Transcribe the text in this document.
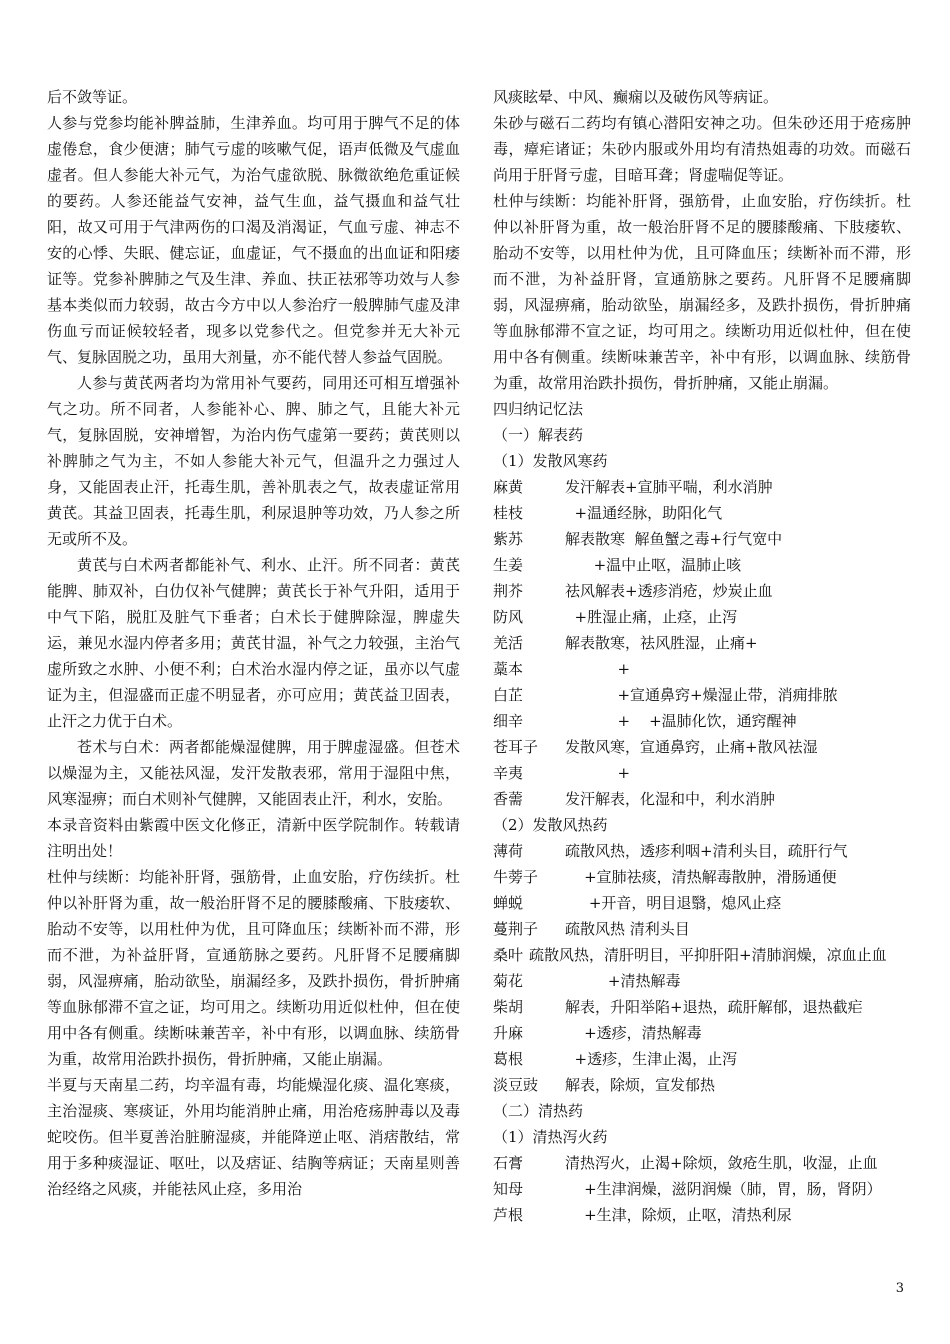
后不敛等证。

人参与党参均能补脾益肺，生津养血。均可用于脾气不足的体虚倦怠，食少便溏；肺气亏虚的咳嗽气促，语声低微及气虚血虚者。但人参能大补元气，为治气虚欲脱、脉微欲绝危重证候的要药。人参还能益气安神，益气生血，益气摄血和益气壮阳，故又可用于气津两伤的口渴及消渴证，气血亏虚、神志不安的心悸、失眠、健忘证，血虚证，气不摄血的出血证和阳痿证等。党参补脾肺之气及生津、养血、扶正祛邪等功效与人参基本类似而力较弱，故古今方中以人参治疗一般脾肺气虚及津伤血亏而证候较轻者，现多以党参代之。但党参并无大补元气、复脉固脱之功，虽用大剂量，亦不能代替人参益气固脱。

人参与黄芪两者均为常用补气要药，同用还可相互增强补气之功。所不同者，人参能补心、脾、肺之气，且能大补元气，复脉固脱，安神增智，为治内伤气虚第一要药；黄芪则以补脾肺之气为主，不如人参能大补元气，但温升之力强过人身，又能固表止汗，托毒生肌，善补肌表之气，故表虚证常用黄芪。其益卫固表，托毒生肌，利尿退肿等功效，乃人参之所无或所不及。

黄芪与白术两者都能补气、利水、止汗。所不同者：黄芪能脾、肺双补，白仂仅补气健脾；黄芪长于补气升阳，适用于中气下陷，脱肛及脏气下垂者；白术长于健脾除湿，脾虚失运，兼见水湿内停者多用；黄芪甘温，补气之力较强，主治气虚所致之水肿、小便不利；白术治水湿内停之证，虽亦以气虚证为主，但湿盛而正虚不明显者，亦可应用；黄芪益卫固表，止汗之力优于白术。

苍术与白术：两者都能燥湿健脾，用于脾虚湿盛。但苍术以燥湿为主，又能祛风湿，发汗发散表邪，常用于湿阻中焦，风寒湿痹；而白术则补气健脾，又能固表止汗，利水，安胎。

本录音资料由紫霞中医文化修正，清新中医学院制作。转载请注明出处！

杜仲与续断：均能补肝肾，强筋骨，止血安胎，疗伤续折。杜仲以补肝肾为重，故一般治肝肾不足的腰膝酸痛、下肢痿软、胎动不安等，以用杜仲为优，且可降血压；续断补而不滞，形而不泄，为补益肝肾，宣通筋脉之要药。凡肝肾不足腰痛脚弱，风湿痹痛，胎动欲坠，崩漏经多，及跌扑损伤，骨折肿痛等血脉郁滞不宣之证，均可用之。续断功用近似杜仲，但在使用中各有侧重。续断味兼苦辛，补中有形，以调血脉、续筋骨为重，故常用治跌扑损伤，骨折肿痛，又能止崩漏。

半夏与天南星二药，均辛温有毒，均能燥湿化痰、温化寒痰，主治湿痰、寒痰证，外用均能消肿止痛，用治疮疡肿毒以及毒蛇咬伤。但半夏善治脏腑湿痰，并能降逆止呕、消痞散结，常用于多种痰湿证、呕吐，以及痞证、结胸等病证；天南星则善治经络之风痰，并能祛风止痉，多用治

风痰眩晕、中风、癫痫以及破伤风等病证。

朱砂与磁石二药均有镇心潜阳安神之功。但朱砂还用于疮疡肿毒，瘴疟诸证；朱砂内服或外用均有清热姐毒的功效。而磁石尚用于肝肾亏虚，目暗耳聋；肾虚喘促等证。

杜仲与续断：均能补肝肾，强筋骨，止血安胎，疗伤续折。杜仲以补肝肾为重，故一般治肝肾不足的腰膝酸痛、下肢痿软、胎动不安等，以用杜仲为优，且可降血压；续断补而不滞，形而不泄，为补益肝肾，宣通筋脉之要药。凡肝肾不足腰痛脚弱，风湿痹痛，胎动欲坠，崩漏经多，及跌扑损伤，骨折肿痛等血脉郁滞不宣之证，均可用之。续断功用近似杜仲，但在使用中各有侧重。续断味兼苦辛，补中有形，以调血脉、续筋骨为重，故常用治跌扑损伤，骨折肿痛，又能止崩漏。

四归纳记忆法
（一）解表药
（1）发散风寒药
麻黄	发汗解表+宣肺平喘，利水消肿
桂枝	+温通经脉，助阳化气
紫苏	解表散寒  解鱼蟹之毒+行气宽中
生姜	+温中止呕，温肺止咳
荆芥	祛风解表+透疹消疮，炒炭止血
防风	+胜湿止痛，止痉，止泻
羌活	解表散寒，祛风胜湿，止痛+
藁本	+
白芷	+宣通鼻窍+燥湿止带，消痈排脓
细辛	+    +温肺化饮，通窍醒神
苍耳子	发散风寒，宣通鼻窍，止痛+散风祛湿
辛夷	+
香薷	发汗解表，化湿和中，利水消肿
（2）发散风热药
薄荷	疏散风热，透疹利咽+清利头目，疏肝行气
牛蒡子	+宣肺祛痰，清热解毒散肿，滑肠通便
蝉蜕	+开音，明目退翳，熄风止痉
蔓荆子	疏散风热 清利头目
桑叶 疏散风热，清肝明目，平抑肝阳+清肺润燥，凉血止血
菊花	+清热解毒
柴胡	解表，升阳举陷+退热，疏肝解郁，退热截疟
升麻	+透疹，清热解毒
葛根	+透疹，生津止渴，止泻
淡豆豉	解表，除烦，宣发郁热
（二）清热药
（1）清热泻火药
石膏	清热泻火，止渴+除烦，敛疮生肌，收湿，止血
知母	+生津润燥，滋阴润燥（肺，胃，肠，肾阴）
芦根	+生津，除烦，止呕，清热利尿
3
